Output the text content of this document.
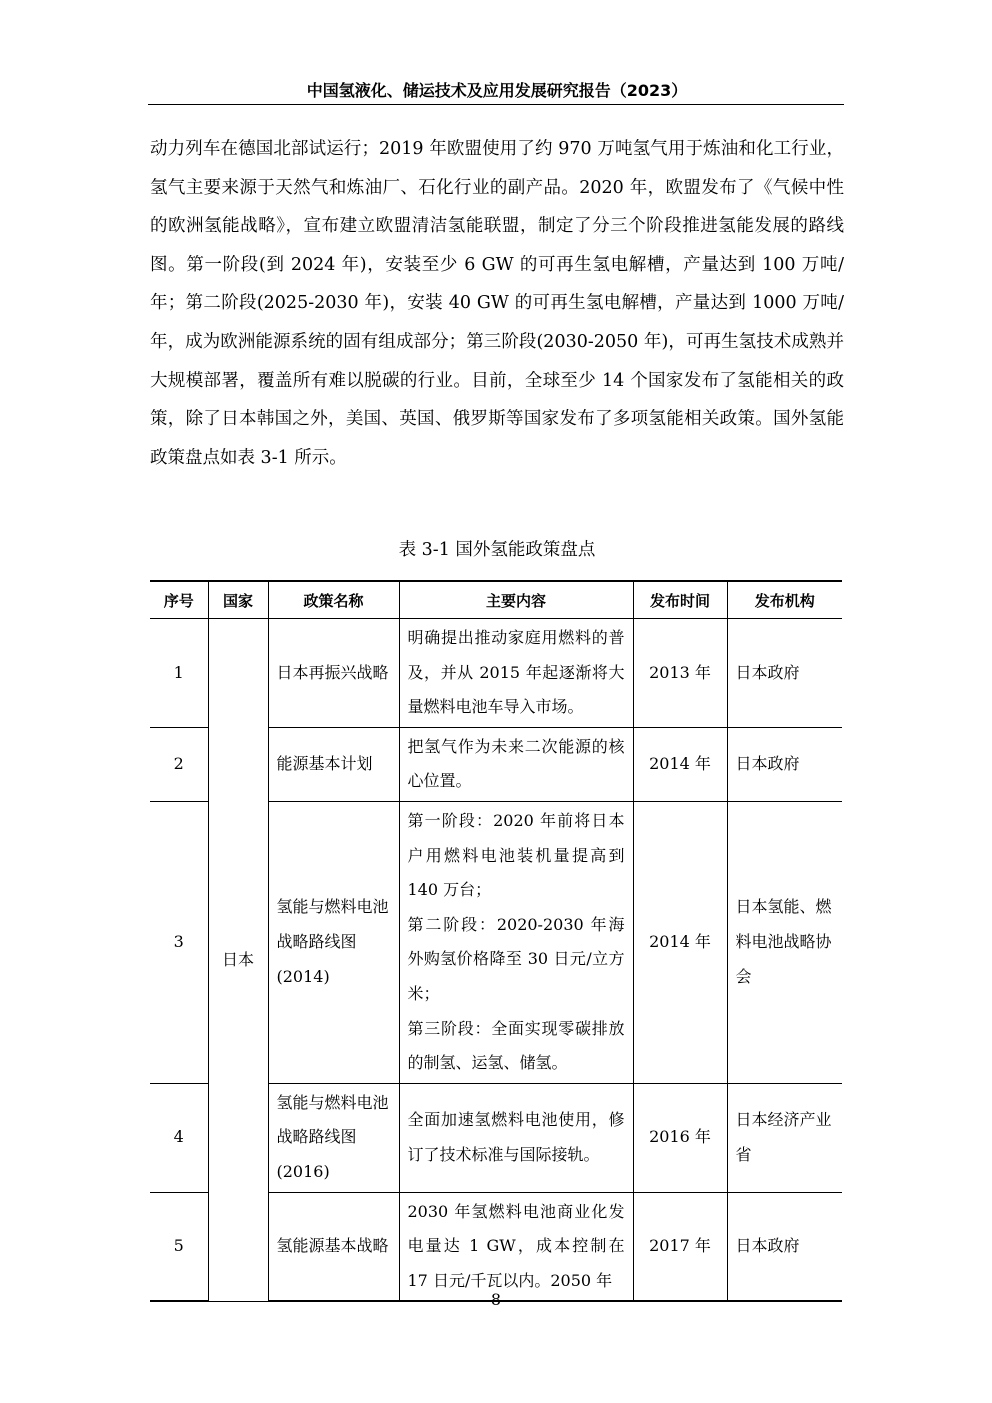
中国氢液化、储运技术及应用发展研究报告（2023）

动力列车在德国北部试运行；2019 年欧盟使用了约 970 万吨氢气用于炼油和化工行业，氢气主要来源于天然气和炼油厂、石化行业的副产品。2020 年，欧盟发布了《气候中性的欧洲氢能战略》，宣布建立欧盟清洁氢能联盟，制定了分三个阶段推进氢能发展的路线图。第一阶段(到 2024 年)，安装至少 6 GW 的可再生氢电解槽，产量达到 100 万吨/年；第二阶段(2025-2030 年)，安装 40 GW 的可再生氢电解槽，产量达到 1000 万吨/年，成为欧洲能源系统的固有组成部分；第三阶段(2030-2050 年)，可再生氢技术成熟并大规模部署，覆盖所有难以脱碳的行业。目前，全球至少 14 个国家发布了氢能相关的政策，除了日本韩国之外，美国、英国、俄罗斯等国家发布了多项氢能相关政策。国外氢能政策盘点如表 3-1 所示。

表 3-1 国外氢能政策盘点
序号	国家	政策名称	主要内容	发布时间	发布机构
1	日本	日本再振兴战略	明确提出推动家庭用燃料的普及，并从 2015 年起逐渐将大量燃料电池车导入市场。	2013 年	日本政府
2		能源基本计划	把氢气作为未来二次能源的核心位置。	2014 年	日本政府
3		氢能与燃料电池战略路线图(2014)	第一阶段：2020 年前将日本户用燃料电池装机量提高到 140 万台；
第二阶段：2020-2030 年海外购氢价格降至 30 日元/立方米；
第三阶段：全面实现零碳排放的制氢、运氢、储氢。	2014 年	日本氢能、燃料电池战略协会
4		氢能与燃料电池战略路线图(2016)	全面加速氢燃料电池使用，修订了技术标准与国际接轨。	2016 年	日本经济产业省
5		氢能源基本战略	2030 年氢燃料电池商业化发电量达 1 GW，成本控制在 17 日元/千瓦以内。2050 年	2017 年	日本政府
8
